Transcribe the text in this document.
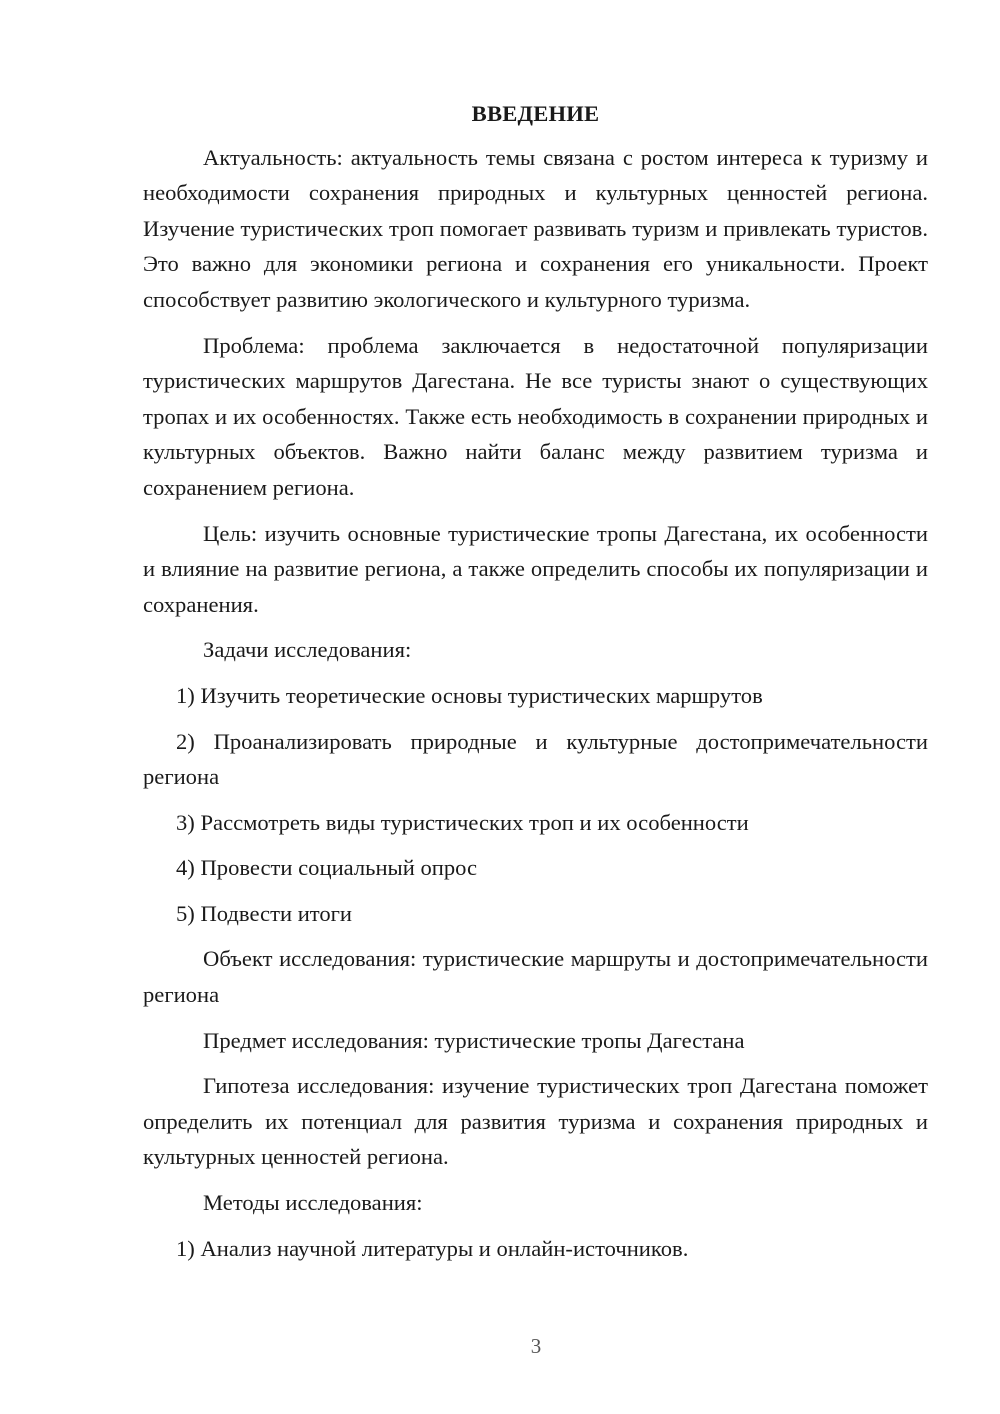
ВВЕДЕНИЕ

Актуальность: актуальность темы связана с ростом интереса к туризму и необходимости сохранения природных и культурных ценностей региона. Изучение туристических троп помогает развивать туризм и привлекать туристов. Это важно для экономики региона и сохранения его уникальности. Проект способствует развитию экологического и культурного туризма.

Проблема: проблема заключается в недостаточной популяризации туристических маршрутов Дагестана. Не все туристы знают о существующих тропах и их особенностях. Также есть необходимость в сохранении природных и культурных объектов. Важно найти баланс между развитием туризма и сохранением региона.

Цель: изучить основные туристические тропы Дагестана, их особенности и влияние на развитие региона, а также определить способы их популяризации и сохранения.

Задачи исследования:

1) Изучить теоретические основы туристических маршрутов

2) Проанализировать природные и культурные достопримечательности региона

3) Рассмотреть виды туристических троп и их особенности

4) Провести социальный опрос

5) Подвести итоги

Объект исследования: туристические маршруты и достопримечательности региона

Предмет исследования: туристические тропы Дагестана

Гипотеза исследования: изучение туристических троп Дагестана поможет определить их потенциал для развития туризма и сохранения природных и культурных ценностей региона.

Методы исследования:

1) Анализ научной литературы и онлайн-источников.

3
